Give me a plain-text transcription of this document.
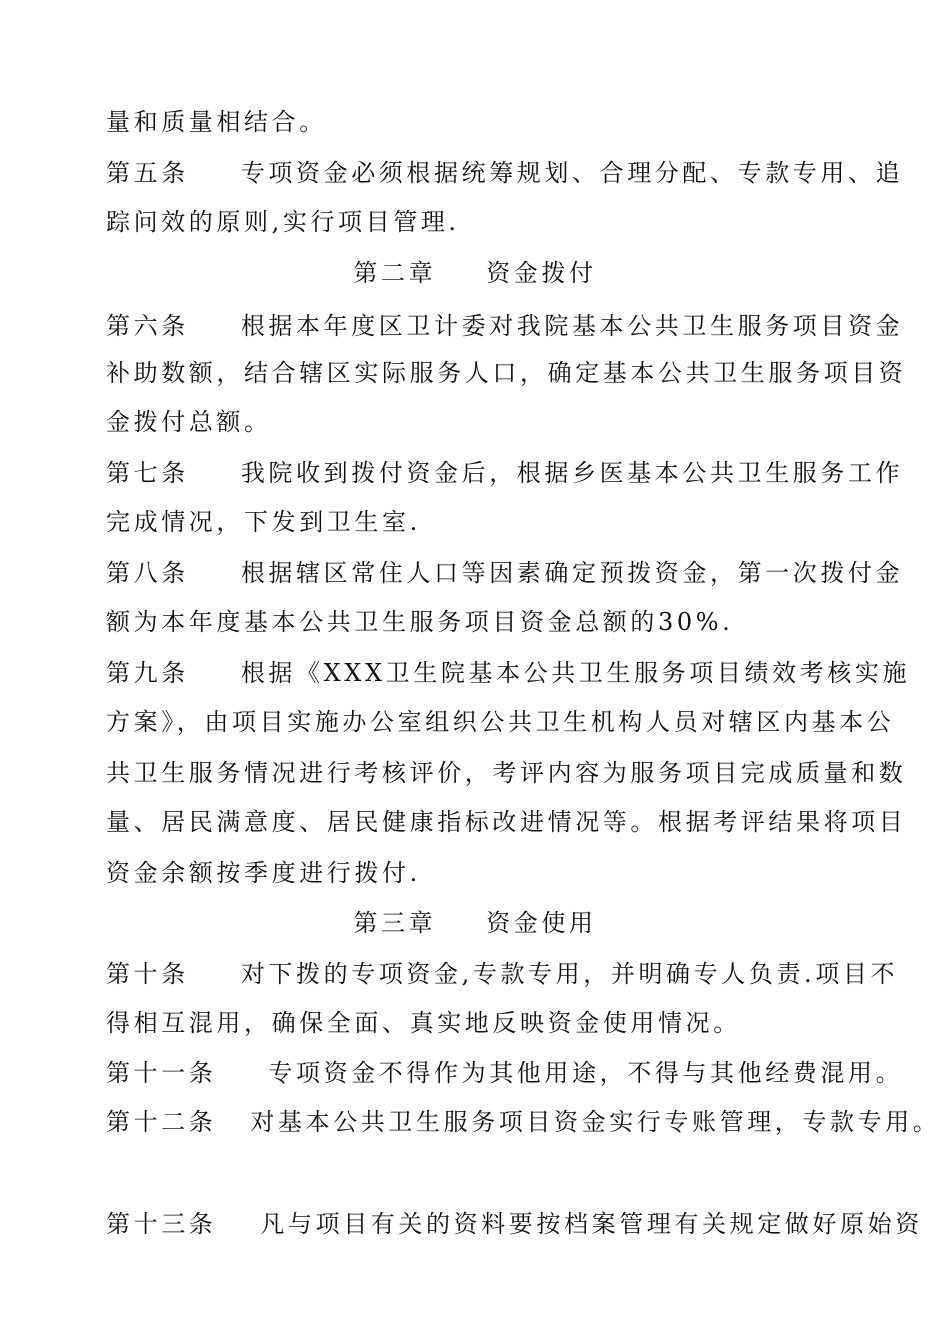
量和质量相结合。
第五条 专项资金必须根据统筹规划、合理分配、专款专用、追
踪问效的原则,实行项目管理.
第二章 资金拨付
第六条 根据本年度区卫计委对我院基本公共卫生服务项目资金
补助数额，结合辖区实际服务人口，确定基本公共卫生服务项目资
金拨付总额。
第七条 我院收到拨付资金后，根据乡医基本公共卫生服务工作
完成情况，下发到卫生室.
第八条 根据辖区常住人口等因素确定预拨资金，第一次拨付金
额为本年度基本公共卫生服务项目资金总额的30%.
第九条 根据《XXX卫生院基本公共卫生服务项目绩效考核实施
方案》，由项目实施办公室组织公共卫生机构人员对辖区内基本公
共卫生服务情况进行考核评价，考评内容为服务项目完成质量和数
量、居民满意度、居民健康指标改进情况等。根据考评结果将项目
资金余额按季度进行拨付.
第三章 资金使用
第十条 对下拨的专项资金,专款专用，并明确专人负责.项目不
得相互混用，确保全面、真实地反映资金使用情况。
第十一条 专项资金不得作为其他用途，不得与其他经费混用。
第十二条 对基本公共卫生服务项目资金实行专账管理，专款专用。
第十三条 凡与项目有关的资料要按档案管理有关规定做好原始资
